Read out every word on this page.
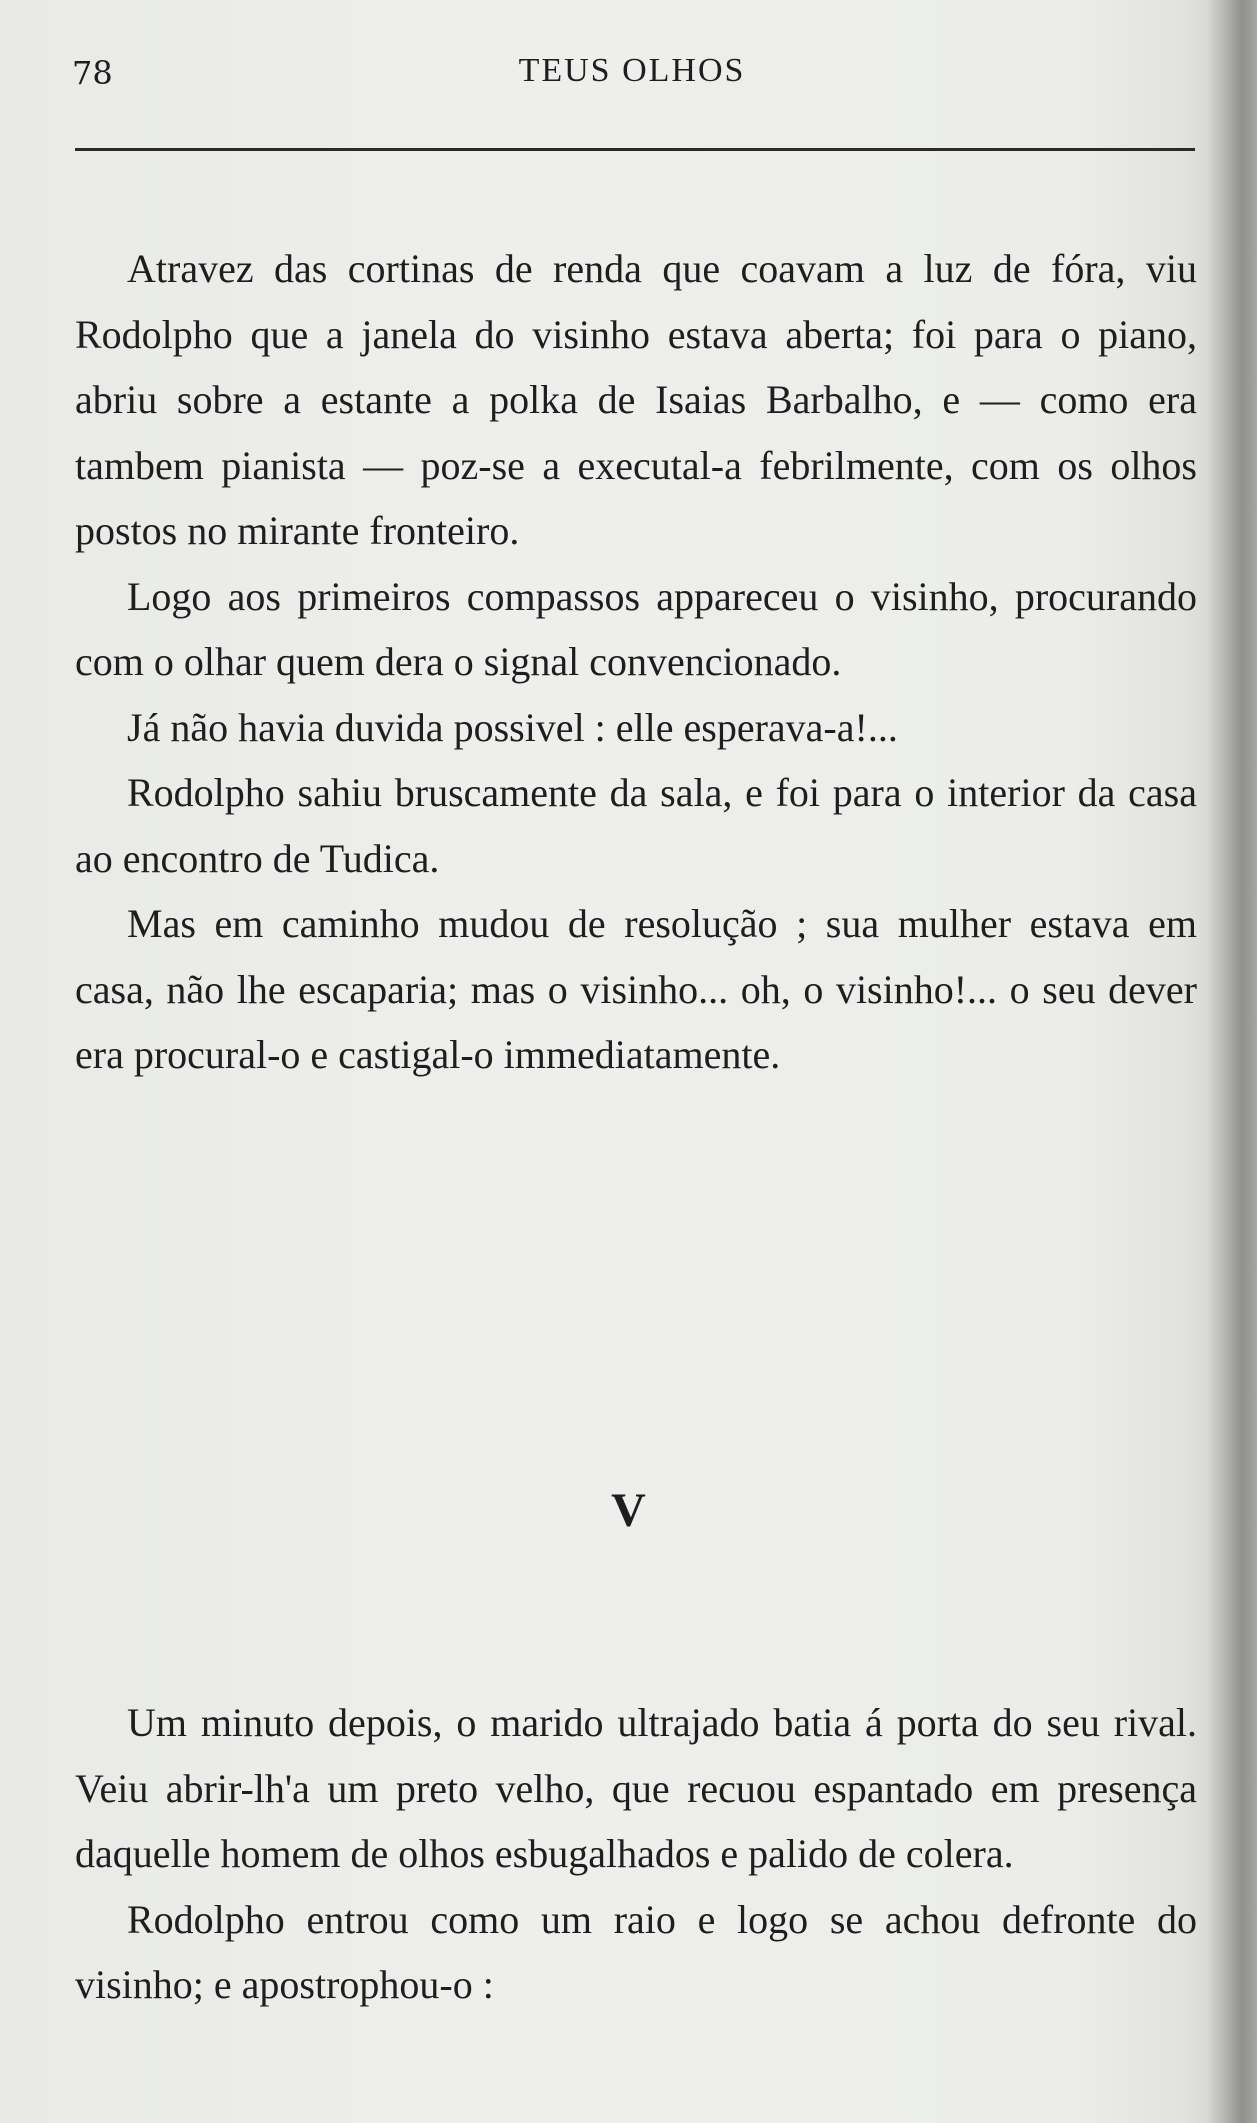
78	TEUS OLHOS

Atravez das cortinas de renda que coavam a luz de fóra, viu Rodolpho que a janela do visinho estava aberta; foi para o piano, abriu sobre a estante a polka de Isaias Barbalho, e — como era tambem pianista — poz-se a executal-a febrilmente, com os olhos postos no mirante fronteiro.

Logo aos primeiros compassos appareceu o visinho, procurando com o olhar quem dera o signal convencionado.

Já não havia duvida possivel : elle esperava-a!...

Rodolpho sahiu bruscamente da sala, e foi para o interior da casa ao encontro de Tudica.

Mas em caminho mudou de resolução ; sua mulher estava em casa, não lhe escaparia; mas o visinho... oh, o visinho!... o seu dever era procural-o e castigal-o immediatamente.

V

Um minuto depois, o marido ultrajado batia á porta do seu rival. Veiu abrir-lh'a um preto velho, que recuou espantado em presença daquelle homem de olhos esbugalhados e palido de colera.

Rodolpho entrou como um raio e logo se achou defronte do visinho; e apostrophou-o :
